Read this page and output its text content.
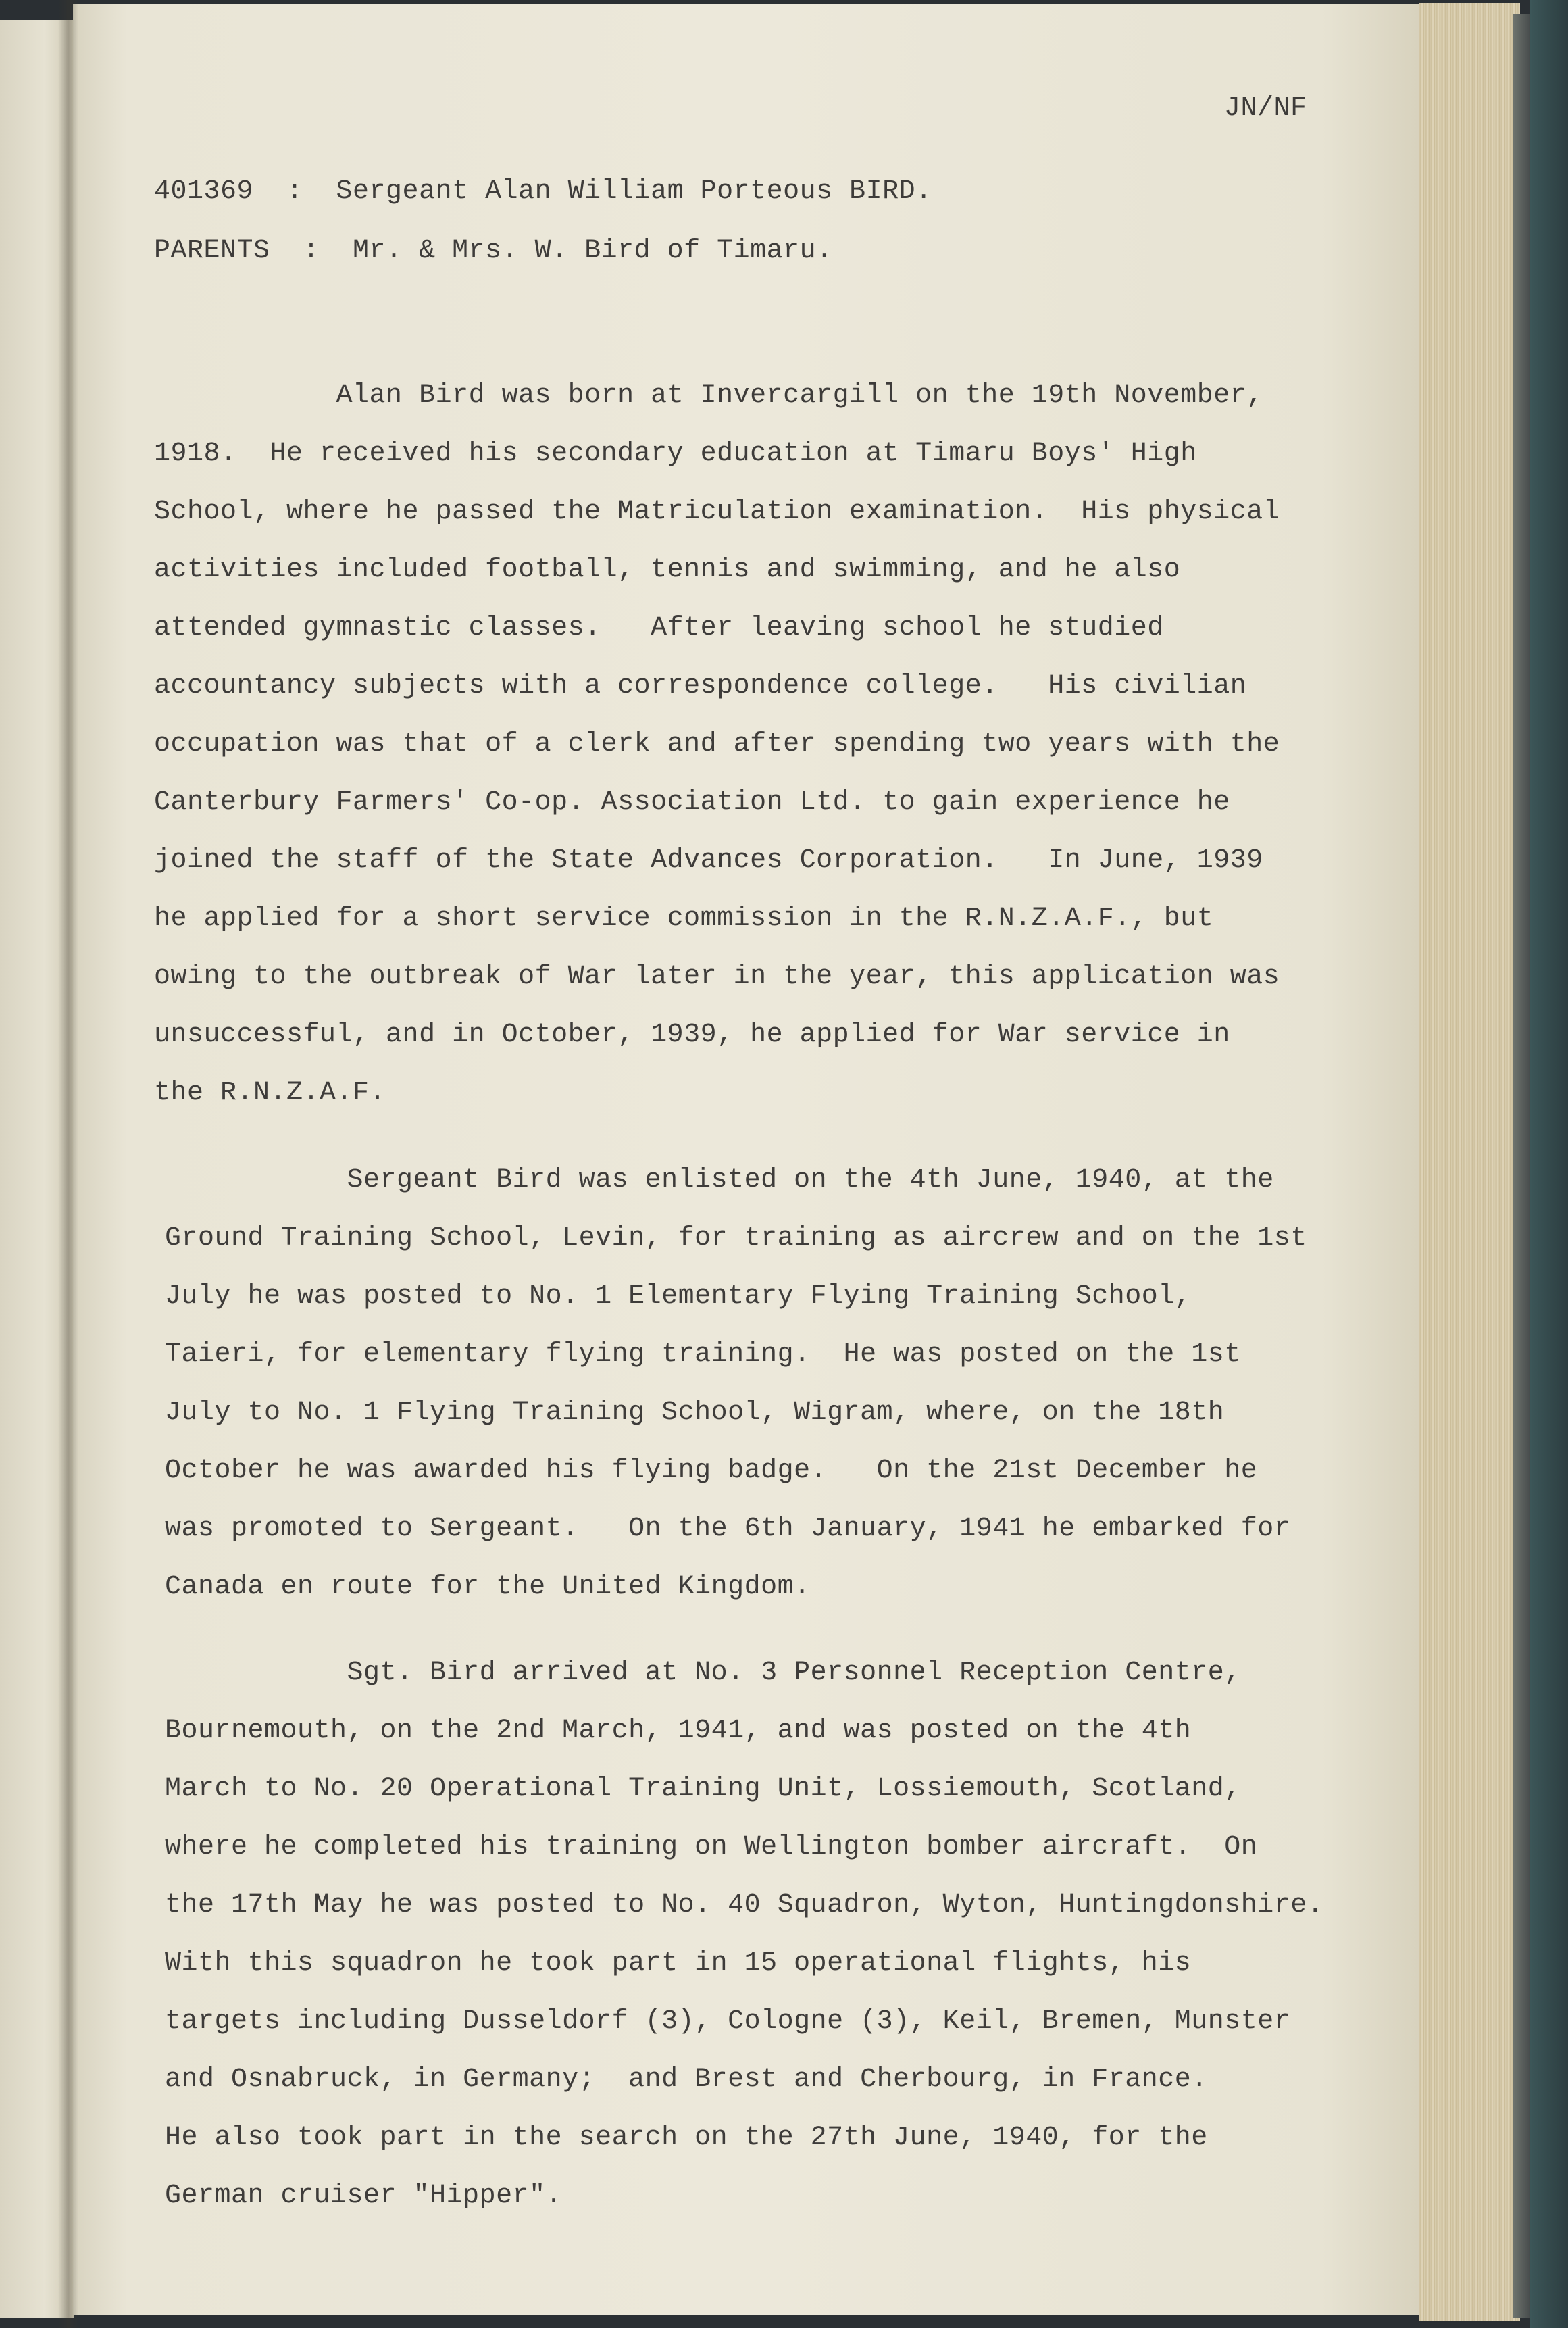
JN/NF
401369  :  Sergeant Alan William Porteous BIRD.
PARENTS  :  Mr. & Mrs. W. Bird of Timaru.
Alan Bird was born at Invercargill on the 19th November,
1918.  He received his secondary education at Timaru Boys' High
School, where he passed the Matriculation examination.  His physical
activities included football, tennis and swimming, and he also
attended gymnastic classes.   After leaving school he studied
accountancy subjects with a correspondence college.   His civilian
occupation was that of a clerk and after spending two years with the
Canterbury Farmers' Co-op. Association Ltd. to gain experience he
joined the staff of the State Advances Corporation.   In June, 1939
he applied for a short service commission in the R.N.Z.A.F., but
owing to the outbreak of War later in the year, this application was
unsuccessful, and in October, 1939, he applied for War service in
the R.N.Z.A.F.
Sergeant Bird was enlisted on the 4th June, 1940, at the
Ground Training School, Levin, for training as aircrew and on the 1st
July he was posted to No. 1 Elementary Flying Training School,
Taieri, for elementary flying training.  He was posted on the 1st
July to No. 1 Flying Training School, Wigram, where, on the 18th
October he was awarded his flying badge.   On the 21st December he
was promoted to Sergeant.   On the 6th January, 1941 he embarked for
Canada en route for the United Kingdom.
Sgt. Bird arrived at No. 3 Personnel Reception Centre,
Bournemouth, on the 2nd March, 1941, and was posted on the 4th
March to No. 20 Operational Training Unit, Lossiemouth, Scotland,
where he completed his training on Wellington bomber aircraft.  On
the 17th May he was posted to No. 40 Squadron, Wyton, Huntingdonshire.
With this squadron he took part in 15 operational flights, his
targets including Dusseldorf (3), Cologne (3), Keil, Bremen, Munster
and Osnabruck, in Germany;  and Brest and Cherbourg, in France.
He also took part in the search on the 27th June, 1940, for the
German cruiser "Hipper".
